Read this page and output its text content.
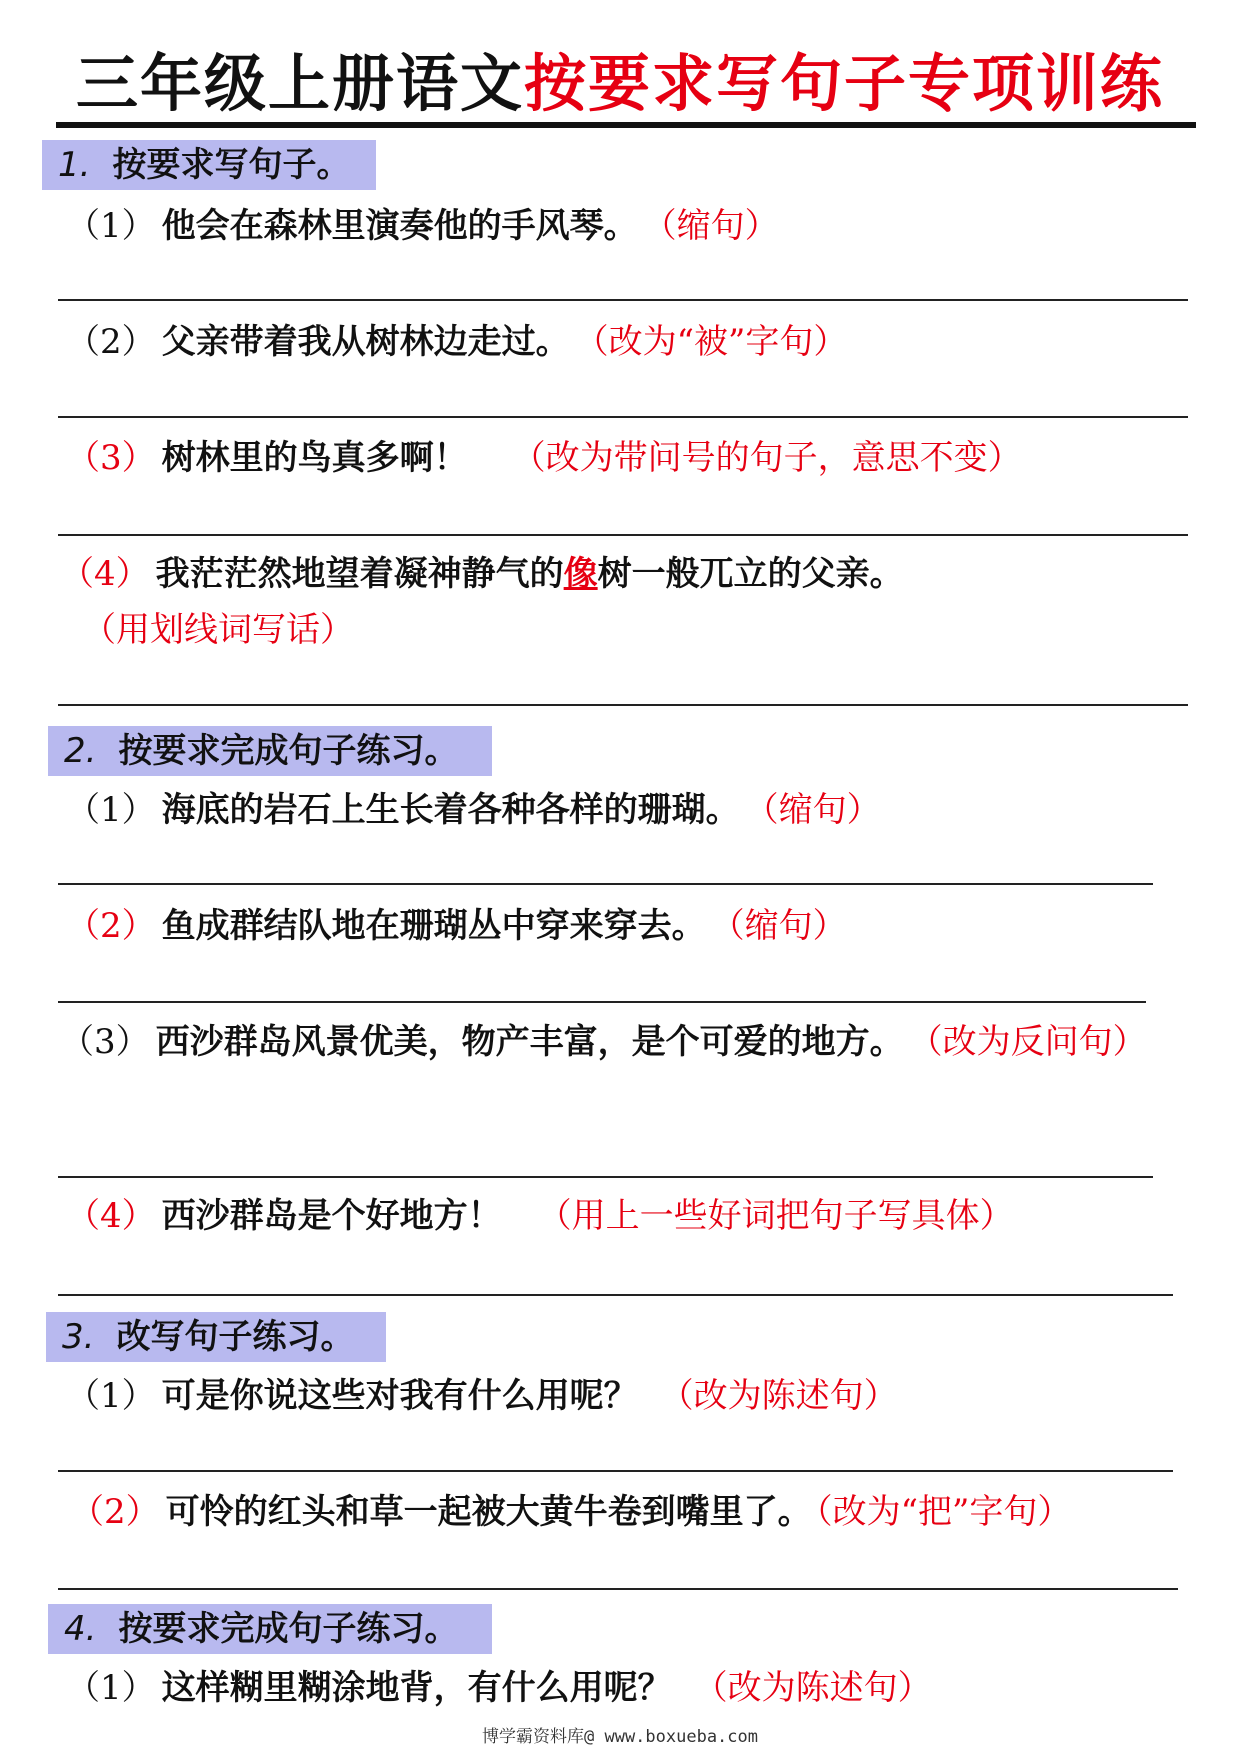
三年级上册语文按要求写句子专项训练
1. 按要求写句子。
（1） 他会在森林里演奏他的手风琴。 （缩句）
（2） 父亲带着我从树林边走过。 （改为“被”字句）
（3） 树林里的鸟真多啊！ （改为带问号的句子，意思不变）
（4） 我茫茫然地望着凝神静气的像树一般兀立的父亲。（用划线词写话）
2. 按要求完成句子练习。
（1） 海底的岩石上生长着各种各样的珊瑚。 （缩句）
（2） 鱼成群结队地在珊瑚丛中穿来穿去。 （缩句）
（3） 西沙群岛风景优美，物产丰富，是个可爱的地方。 （改为反问句）
（4） 西沙群岛是个好地方！ （用上一些好词把句子写具体）
3. 改写句子练习。
（1） 可是你说这些对我有什么用呢？ （改为陈述句）
（2） 可怜的红头和草一起被大黄牛卷到嘴里了。 （改为“把”字句）
4. 按要求完成句子练习。
（1） 这样糊里糊涂地背，有什么用呢？ （改为陈述句）
博学霸资料库@ www.boxueba.com
